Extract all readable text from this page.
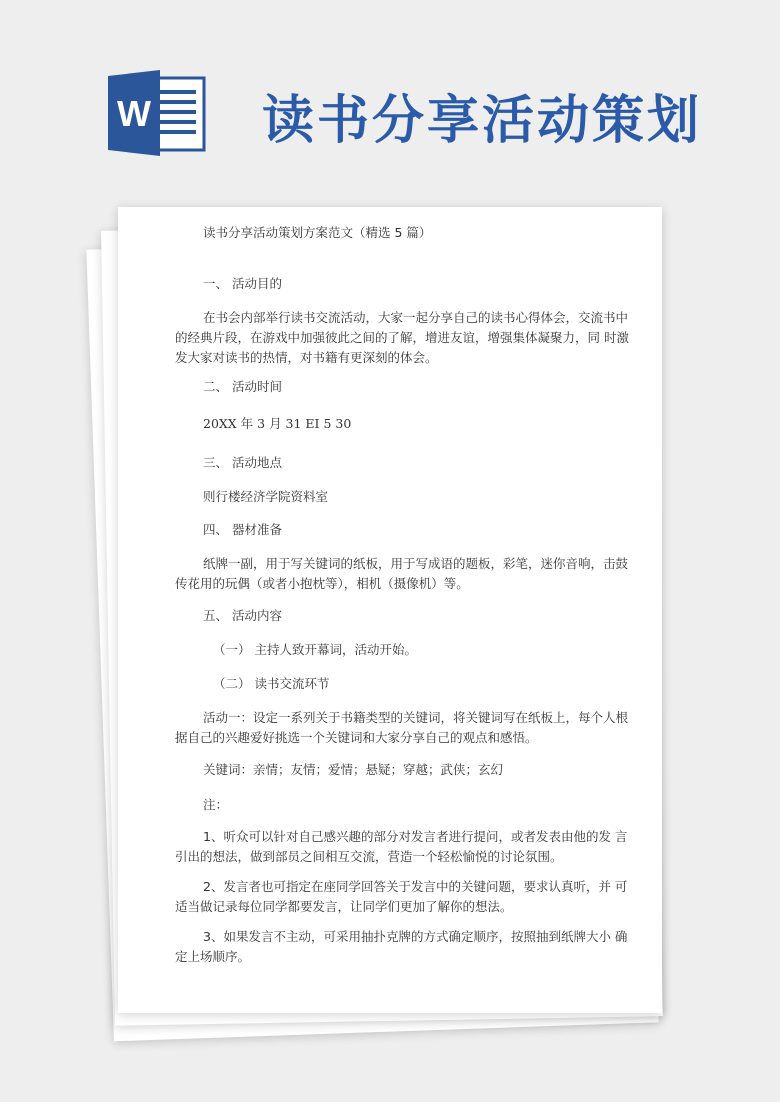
W 读书分享活动策划
读书分享活动策划方案范文（精选 5 篇）
一、 活动目的
在书会内部举行读书交流活动，大家一起分享自己的读书心得体会，交流书中的经典片段，在游戏中加强彼此之间的了解，增进友谊，增强集体凝聚力，同 时激发大家对读书的热情，对书籍有更深刻的体会。
二、 活动时间
20XX 年 3 月 31 EI 5 30
三、 活动地点
则行楼经济学院资料室
四、 器材准备
纸牌一副，用于写关键词的纸板，用于写成语的题板，彩笔，迷你音响，击鼓传花用的玩偶（或者小抱枕等），相机（摄像机）等。
五、 活动内容
（一） 主持人致开幕词，活动开始。
（二） 读书交流环节
活动一：设定一系列关于书籍类型的关键词，将关键词写在纸板上，每个人根据自己的兴趣爱好挑选一个关键词和大家分享自己的观点和感悟。
关键词：亲情；友情；爱情；悬疑；穿越；武侠；玄幻
注：
1、听众可以针对自己感兴趣的部分对发言者进行提问，或者发表由他的发 言引出的想法，做到部员之间相互交流，营造一个轻松愉悦的讨论氛围。
2、发言者也可指定在座同学回答关于发言中的关键问题，要求认真听，并 可适当做记录每位同学都要发言，让同学们更加了解你的想法。
3、如果发言不主动，可采用抽扑克牌的方式确定顺序，按照抽到纸牌大小 确定上场顺序。
